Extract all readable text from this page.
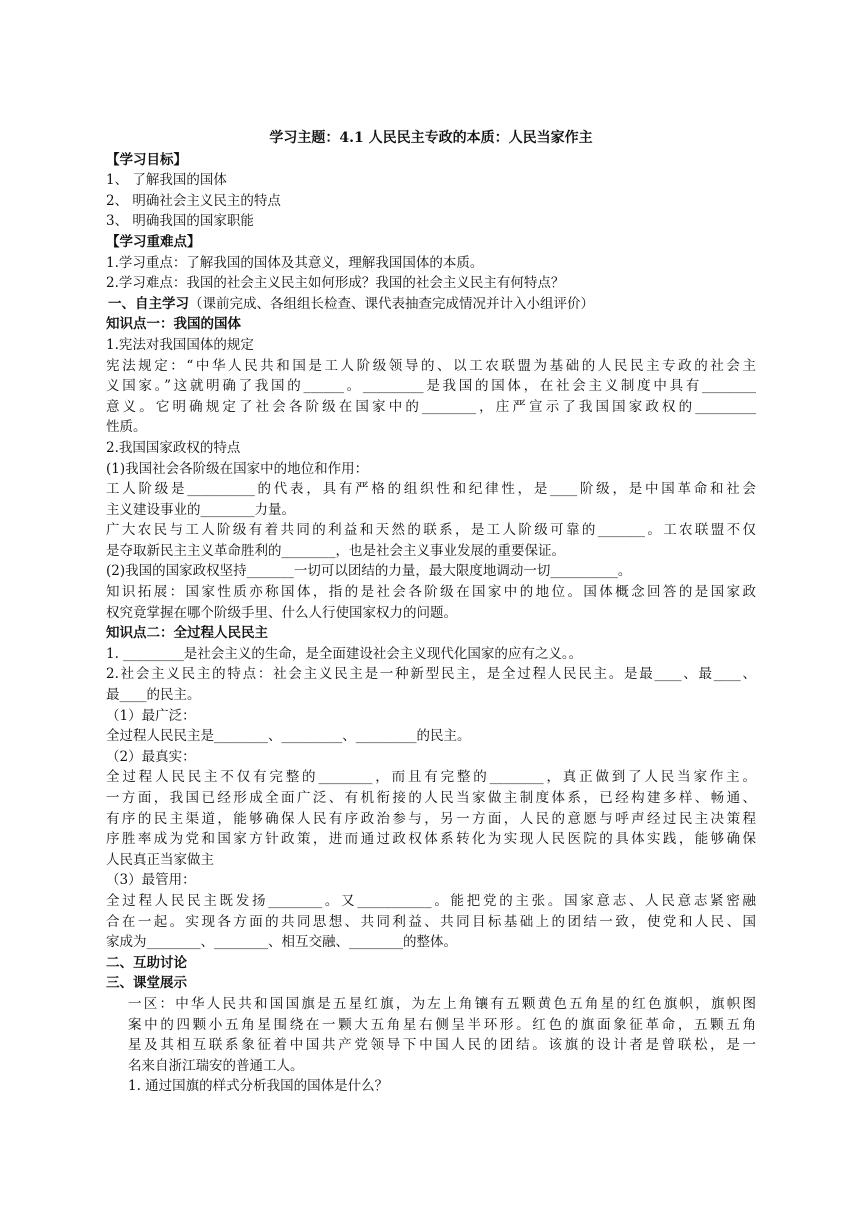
学习主题：4.1 人民民主专政的本质：人民当家作主

【学习目标】

1、 了解我国的国体

2、 明确社会主义民主的特点

3、 明确我国的国家职能

【学习重难点】

1.学习重点：了解我国的国体及其意义，理解我国国体的本质。

2.学习难点：我国的社会主义民主如何形成？我国的社会主义民主有何特点？

一、自主学习（课前完成、各组组长检查、课代表抽查完成情况并计入小组评价）

知识点一：我国的国体

1.宪法对我国国体的规定

宪法规定：“中华人民共和国是工人阶级领导的、以工农联盟为基础的人民民主专政的社会主

义国家。”这就明确了我国的______。_________是我国的国体，在社会主义制度中具有________

意义。它明确规定了社会各阶级在国家中的________，庄严宣示了我国国家政权的_________

性质。

2.我国国家政权的特点

(1)我国社会各阶级在国家中的地位和作用：

工人阶级是__________的代表，具有严格的组织性和纪律性，是____阶级，是中国革命和社会

主义建设事业的________力量。

广大农民与工人阶级有着共同的利益和天然的联系，是工人阶级可靠的_______。工农联盟不仅

是夺取新民主主义革命胜利的________，也是社会主义事业发展的重要保证。

(2)我国的国家政权坚持_______一切可以团结的力量，最大限度地调动一切__________。

知识拓展：国家性质亦称国体，指的是社会各阶级在国家中的地位。国体概念回答的是国家政

权究竟掌握在哪个阶级手里、什么人行使国家权力的问题。

知识点二：全过程人民民主

1. _________是社会主义的生命，是全面建设社会主义现代化国家的应有之义。。

2.社会主义民主的特点：社会主义民主是一种新型民主，是全过程人民民主。是最____、最____、

最____的民主。

（1）最广泛：

全过程人民民主是________、_________、_________的民主。

（2）最真实：

全过程人民民主不仅有完整的________，而且有完整的________，真正做到了人民当家作主。

一方面，我国已经形成全面广泛、有机衔接的人民当家做主制度体系，已经构建多样、畅通、

有序的民主渠道，能够确保人民有序政治参与，另一方面，人民的意愿与呼声经过民主决策程

序胜率成为党和国家方针政策，进而通过政权体系转化为实现人民医院的具体实践，能够确保

人民真正当家做主

（3）最管用：

全过程人民民主既发扬________。又___________。能把党的主张。国家意志、人民意志紧密融

合在一起。实现各方面的共同思想、共同利益、共同目标基础上的团结一致，使党和人民、国

家成为________、________、相互交融、________的整体。

二、互助讨论

三、课堂展示

一区：中华人民共和国国旗是五星红旗，为左上角镶有五颗黄色五角星的红色旗帜，旗帜图

案中的四颗小五角星围绕在一颗大五角星右侧呈半环形。红色的旗面象征革命，五颗五角

星及其相互联系象征着中国共产党领导下中国人民的团结。该旗的设计者是曾联松，是一

名来自浙江瑞安的普通工人。

1. 通过国旗的样式分析我国的国体是什么？
